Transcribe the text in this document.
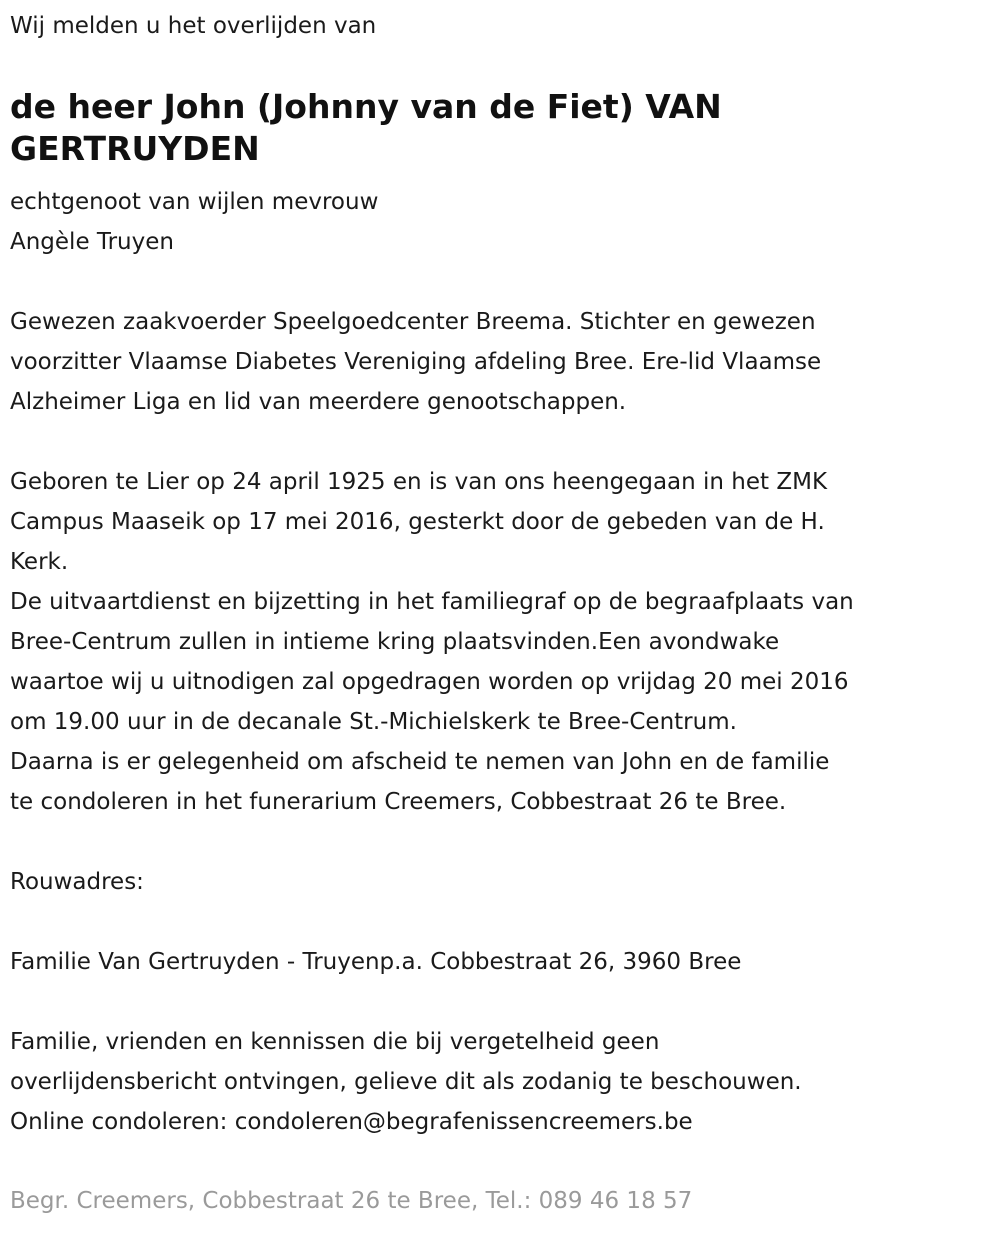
Wij melden u het overlijden van
de heer John (Johnny van de Fiet) VAN
GERTRUYDEN
echtgenoot van wijlen mevrouw
Angèle Truyen

Gewezen zaakvoerder Speelgoedcenter Breema. Stichter en gewezen
voorzitter Vlaamse Diabetes Vereniging afdeling Bree. Ere-lid Vlaamse
Alzheimer Liga en lid van meerdere genootschappen.

Geboren te Lier op 24 april 1925 en is van ons heengegaan in het ZMK
Campus Maaseik op 17 mei 2016, gesterkt door de gebeden van de H.
Kerk.

De uitvaartdienst en bijzetting in het familiegraf op de begraafplaats van
Bree-Centrum zullen in intieme kring plaatsvinden.Een avondwake
waartoe wij u uitnodigen zal opgedragen worden op vrijdag 20 mei 2016
om 19.00 uur in de decanale St.-Michielskerk te Bree-Centrum.
Daarna is er gelegenheid om afscheid te nemen van John en de familie
te condoleren in het funerarium Creemers, Cobbestraat 26 te Bree.

Rouwadres:

Familie Van Gertruyden - Truyenp.a. Cobbestraat 26, 3960 Bree

Familie, vrienden en kennissen die bij vergetelheid geen
overlijdensbericht ontvingen, gelieve dit als zodanig te beschouwen.
Online condoleren: condoleren@begrafenissencreemers.be

Begr. Creemers, Cobbestraat 26 te Bree, Tel.: 089 46 18 57
